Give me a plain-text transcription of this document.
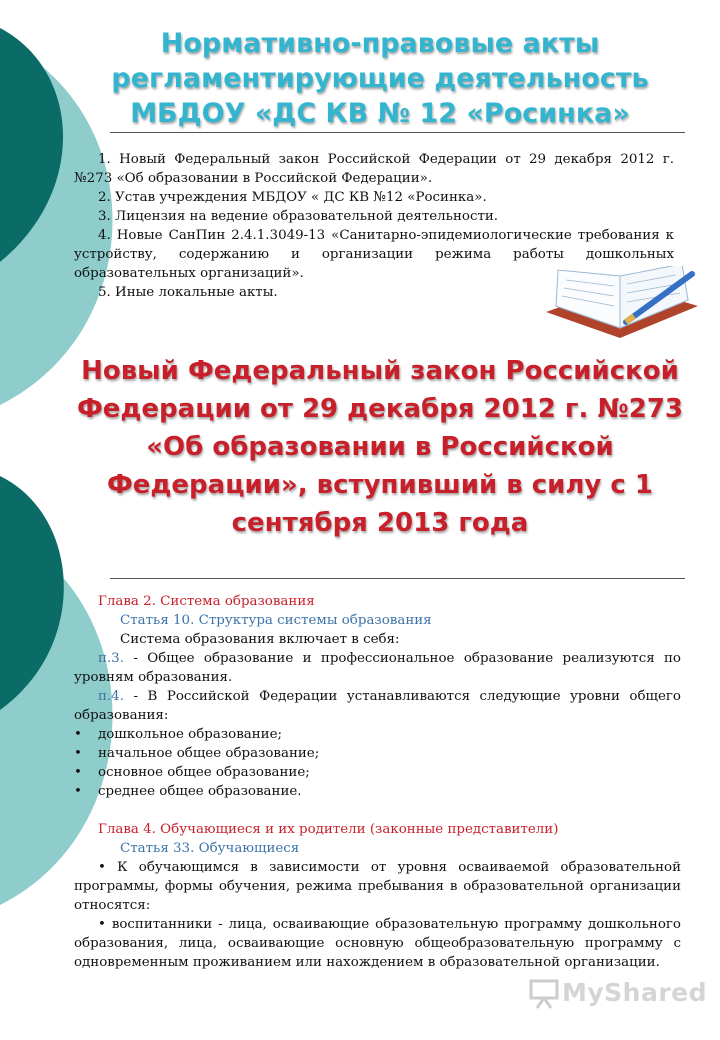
Нормативно-правовые акты регламентирующие деятельность МБДОУ «ДС КВ № 12 «Росинка»

1. Новый Федеральный закон Российской Федерации от 29 декабря 2012 г. №273 «Об образовании в Российской Федерации».

2. Устав учреждения МБДОУ « ДС КВ №12 «Росинка».

3. Лицензия на ведение образовательной деятельности.

4. Новые СанПин 2.4.1.3049-13 «Санитарно-эпидемиологические требования к устройству, содержанию и организации режима работы дошкольных образовательных организаций».

5. Иные локальные акты.

Новый Федеральный закон Российской Федерации от 29 декабря 2012 г. №273 «Об образовании в Российской Федерации», вступивший в силу с 1 сентября 2013 года

Глава 2. Система образования

Статья 10. Структура системы образования

Система образования включает в себя:

п.3. - Общее образование и профессиональное образование реализуются по уровням образования.

п.4. - В Российской Федерации устанавливаются следующие уровни общего образования:

• дошкольное образование;

• начальное общее образование;

• основное общее образование;

• среднее общее образование.

Глава 4. Обучающиеся и их родители (законные представители)

Статья 33. Обучающиеся

• К обучающимся в зависимости от уровня осваиваемой образовательной программы, формы обучения, режима пребывания в образовательной организации относятся:

• воспитанники - лица, осваивающие образовательную программу дошкольного образования, лица, осваивающие основную общеобразовательную программу с одновременным проживанием или нахождением в образовательной организации.

MyShared
